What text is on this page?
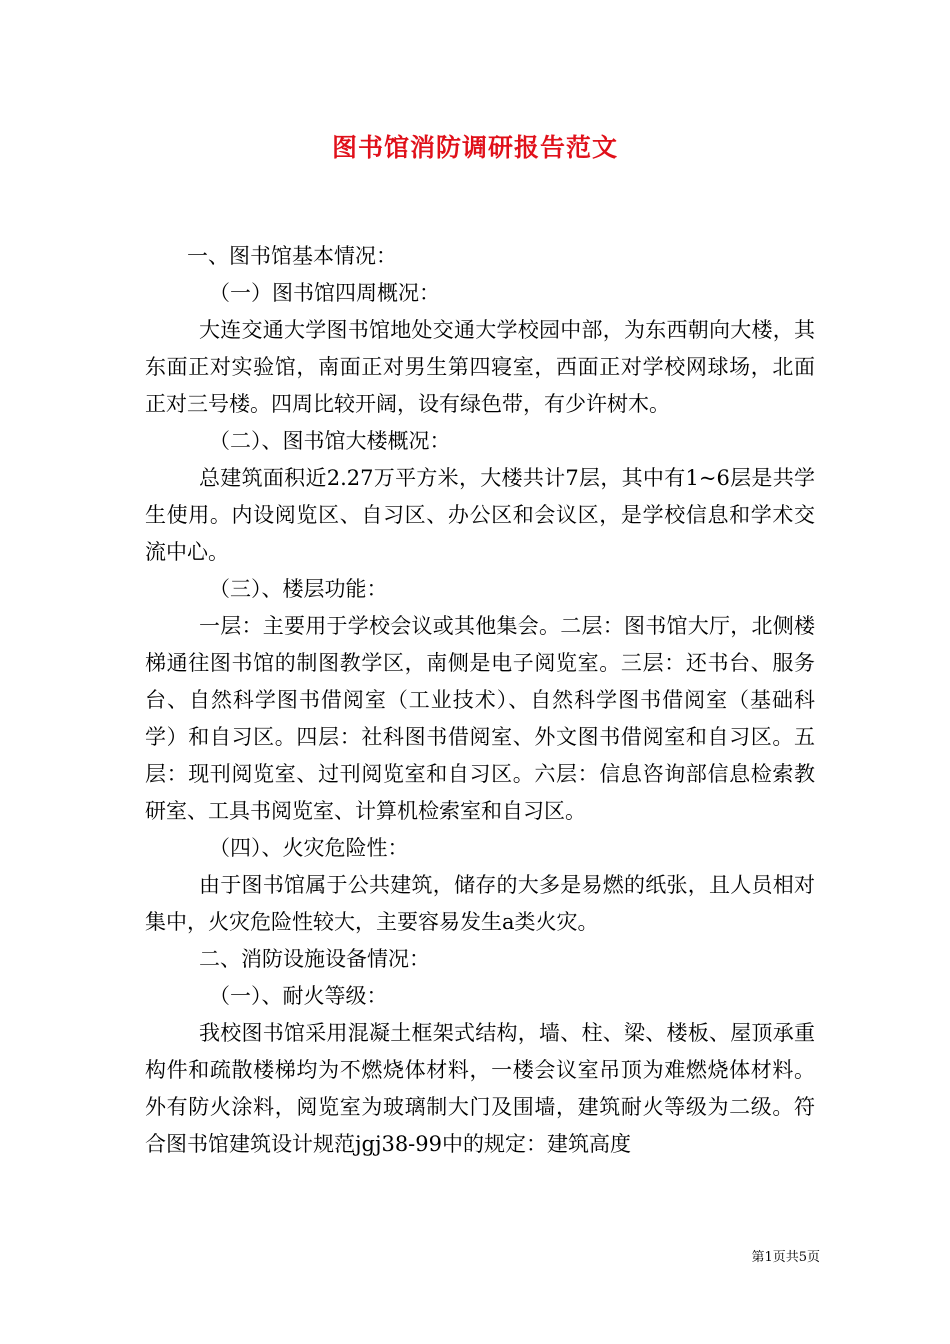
图书馆消防调研报告范文

一、图书馆基本情况：

（一）图书馆四周概况：

大连交通大学图书馆地处交通大学校园中部，为东西朝向大楼，其东面正对实验馆，南面正对男生第四寝室，西面正对学校网球场，北面正对三号楼。四周比较开阔，设有绿色带，有少许树木。

（二）、图书馆大楼概况：

总建筑面积近2.27万平方米，大楼共计7层，其中有1~6层是共学生使用。内设阅览区、自习区、办公区和会议区，是学校信息和学术交流中心。

（三）、楼层功能：

一层：主要用于学校会议或其他集会。二层：图书馆大厅，北侧楼梯通往图书馆的制图教学区，南侧是电子阅览室。三层：还书台、服务台、自然科学图书借阅室（工业技术）、自然科学图书借阅室（基础科学）和自习区。四层：社科图书借阅室、外文图书借阅室和自习区。五层：现刊阅览室、过刊阅览室和自习区。六层：信息咨询部信息检索教研室、工具书阅览室、计算机检索室和自习区。

（四）、火灾危险性：

由于图书馆属于公共建筑，储存的大多是易燃的纸张，且人员相对集中，火灾危险性较大，主要容易发生a类火灾。

二、消防设施设备情况：

（一）、耐火等级：

我校图书馆采用混凝土框架式结构，墙、柱、梁、楼板、屋顶承重构件和疏散楼梯均为不燃烧体材料，一楼会议室吊顶为难燃烧体材料。外有防火涂料，阅览室为玻璃制大门及围墙，建筑耐火等级为二级。符合图书馆建筑设计规范jgj38-99中的规定：建筑高度

第1页共5页
